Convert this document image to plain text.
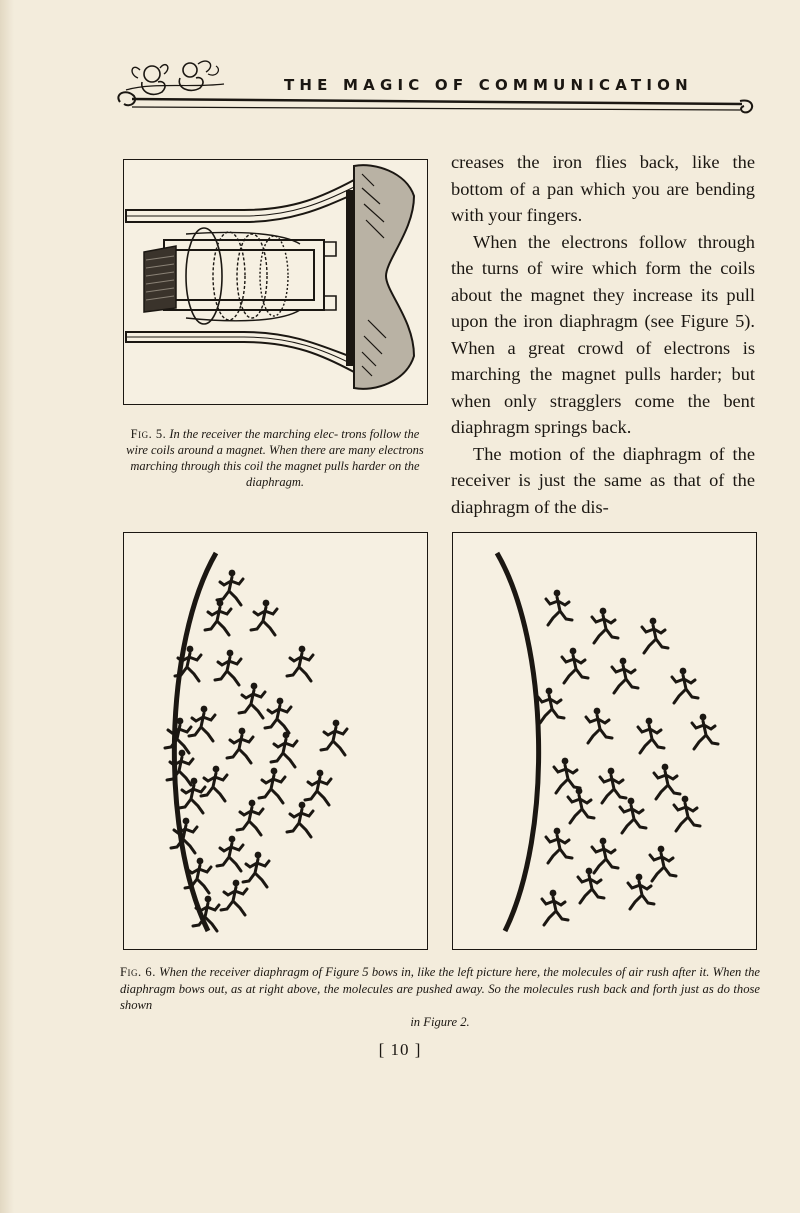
THE MAGIC OF COMMUNICATION
Fig. 5. In the receiver the marching elec- trons follow the wire coils around a magnet. When there are many electrons marching through this coil the magnet pulls harder on the diaphragm.

creases the iron flies back, like the bottom of a pan which you are bending with your fingers.

When the electrons follow through the turns of wire which form the coils about the magnet they increase its pull upon the iron diaphragm (see Figure 5). When a great crowd of electrons is marching the magnet pulls harder; but when only stragglers come the bent diaphragm springs back.

The motion of the diaphragm of the receiver is just the same as that of the diaphragm of the dis-

Fig. 6. When the receiver diaphragm of Figure 5 bows in, like the left picture here, the molecules of air rush after it. When the diaphragm bows out, as at right above, the molecules are pushed away. So the molecules rush back and forth just as do those shown
in Figure 2.
[ 10 ]
